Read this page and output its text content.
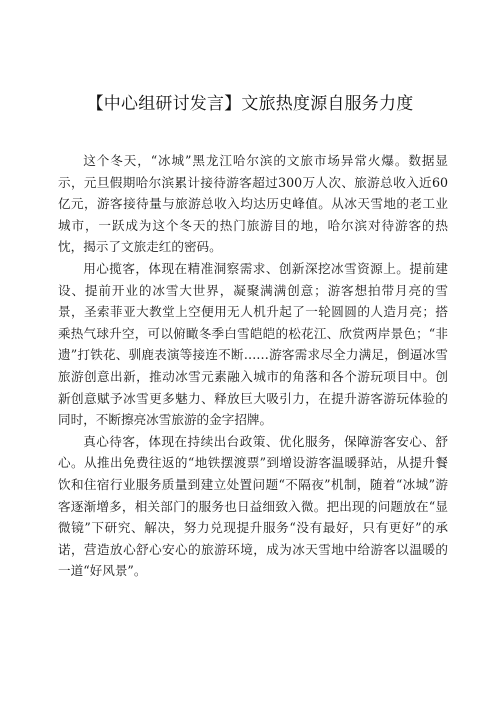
【中心组研讨发言】文旅热度源自服务力度

这个冬天，“冰城”黑龙江哈尔滨的文旅市场异常火爆。数据显示，元旦假期哈尔滨累计接待游客超过300万人次、旅游总收入近60亿元，游客接待量与旅游总收入均达历史峰值。从冰天雪地的老工业城市，一跃成为这个冬天的热门旅游目的地，哈尔滨对待游客的热忱，揭示了文旅走红的密码。

用心揽客，体现在精准洞察需求、创新深挖冰雪资源上。提前建设、提前开业的冰雪大世界，凝聚满满创意；游客想拍带月亮的雪景，圣索菲亚大教堂上空便用无人机升起了一轮圆圆的人造月亮；搭乘热气球升空，可以俯瞰冬季白雪皑皑的松花江、欣赏两岸景色；“非遗”打铁花、驯鹿表演等接连不断……游客需求尽全力满足，倒逼冰雪旅游创意出新，推动冰雪元素融入城市的角落和各个游玩项目中。创新创意赋予冰雪更多魅力、释放巨大吸引力，在提升游客游玩体验的同时，不断擦亮冰雪旅游的金字招牌。

真心待客，体现在持续出台政策、优化服务，保障游客安心、舒心。从推出免费往返的“地铁摆渡票”到增设游客温暖驿站，从提升餐饮和住宿行业服务质量到建立处置问题“不隔夜”机制，随着“冰城”游客逐渐增多，相关部门的服务也日益细致入微。把出现的问题放在“显微镜”下研究、解决，努力兑现提升服务“没有最好，只有更好”的承诺，营造放心舒心安心的旅游环境，成为冰天雪地中给游客以温暖的一道“好风景”。
